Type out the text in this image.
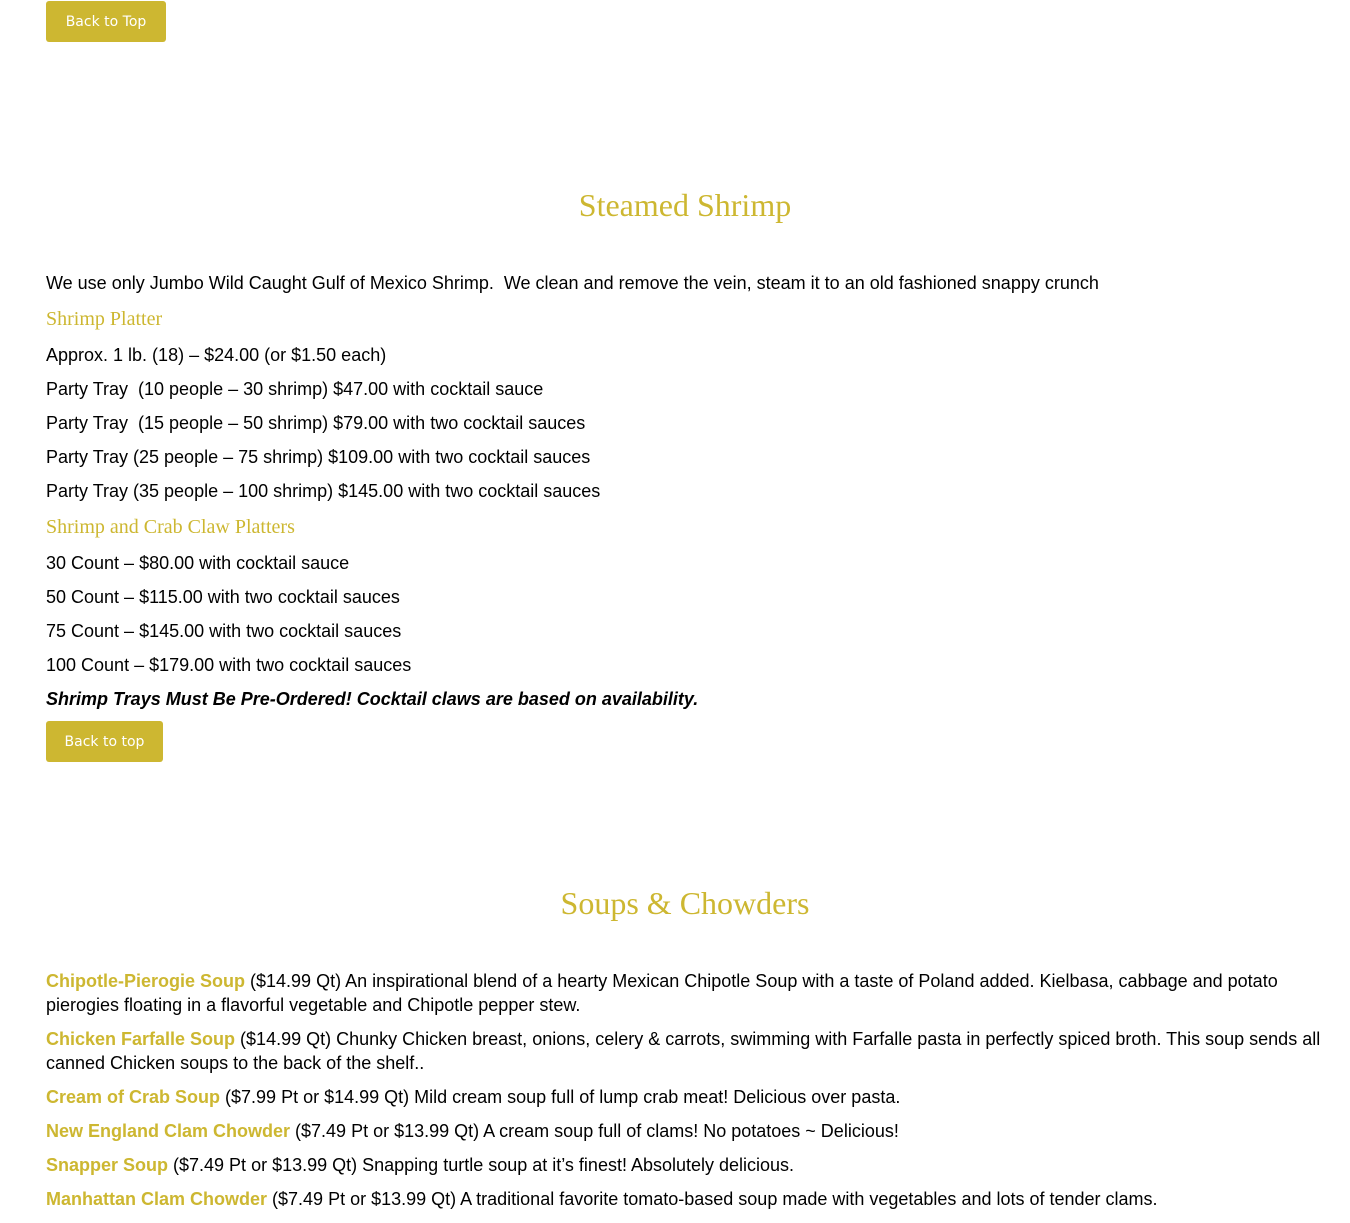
Back to Top
Steamed Shrimp
We use only Jumbo Wild Caught Gulf of Mexico Shrimp.  We clean and remove the vein, steam it to an old fashioned snappy crunch
Shrimp Platter
Approx. 1 lb. (18) – $24.00 (or $1.50 each)
Party Tray  (10 people – 30 shrimp) $47.00 with cocktail sauce
Party Tray  (15 people – 50 shrimp) $79.00 with two cocktail sauces
Party Tray (25 people – 75 shrimp) $109.00 with two cocktail sauces
Party Tray (35 people – 100 shrimp) $145.00 with two cocktail sauces
Shrimp and Crab Claw Platters
30 Count – $80.00 with cocktail sauce
50 Count – $115.00 with two cocktail sauces
75 Count – $145.00 with two cocktail sauces
100 Count – $179.00 with two cocktail sauces
Shrimp Trays Must Be Pre-Ordered! Cocktail claws are based on availability.
Back to top
Soups & Chowders
Chipotle-Pierogie Soup ($14.99 Qt) An inspirational blend of a hearty Mexican Chipotle Soup with a taste of Poland added. Kielbasa, cabbage and potato pierogies floating in a flavorful vegetable and Chipotle pepper stew.
Chicken Farfalle Soup ($14.99 Qt) Chunky Chicken breast, onions, celery & carrots, swimming with Farfalle pasta in perfectly spiced broth. This soup sends all canned Chicken soups to the back of the shelf..
Cream of Crab Soup ($7.99 Pt or $14.99 Qt) Mild cream soup full of lump crab meat! Delicious over pasta.
New England Clam Chowder ($7.49 Pt or $13.99 Qt) A cream soup full of clams! No potatoes ~ Delicious!
Snapper Soup ($7.49 Pt or $13.99 Qt) Snapping turtle soup at it’s finest! Absolutely delicious.
Manhattan Clam Chowder ($7.49 Pt or $13.99 Qt) A traditional favorite tomato-based soup made with vegetables and lots of tender clams.
